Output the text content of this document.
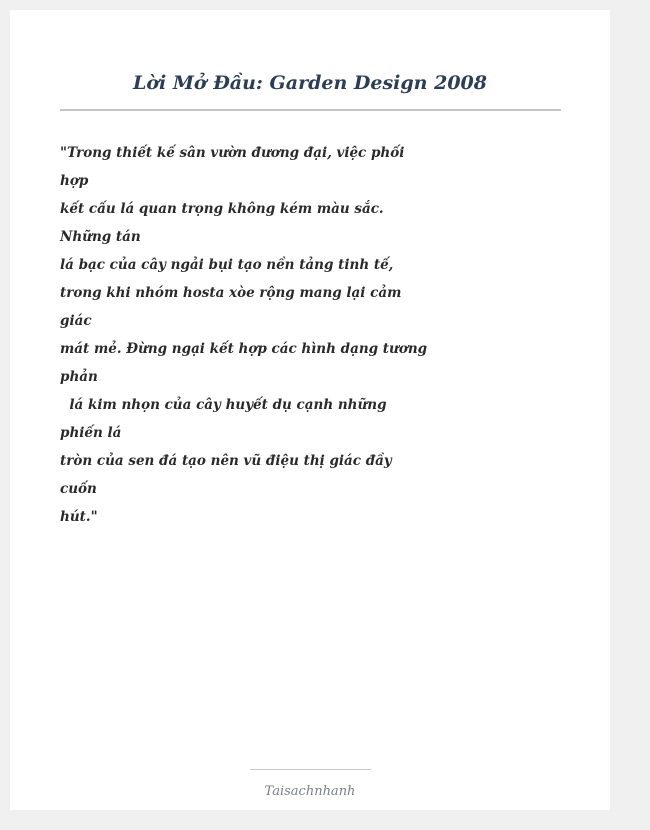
Lời Mở Đầu: Garden Design 2008
"Trong thiết kế sân vườn đương đại, việc phối
hợp
kết cấu lá quan trọng không kém màu sắc.
Những tán
lá bạc của cây ngải bụi tạo nền tảng tinh tế,
trong khi nhóm hosta xòe rộng mang lại cảm
giác
mát mẻ. Đừng ngại kết hợp các hình dạng tương
phản
lá kim nhọn của cây huyết dụ cạnh những
phiến lá
tròn của sen đá tạo nên vũ điệu thị giác đầy
cuốn
hút."
Taisachnhanh
